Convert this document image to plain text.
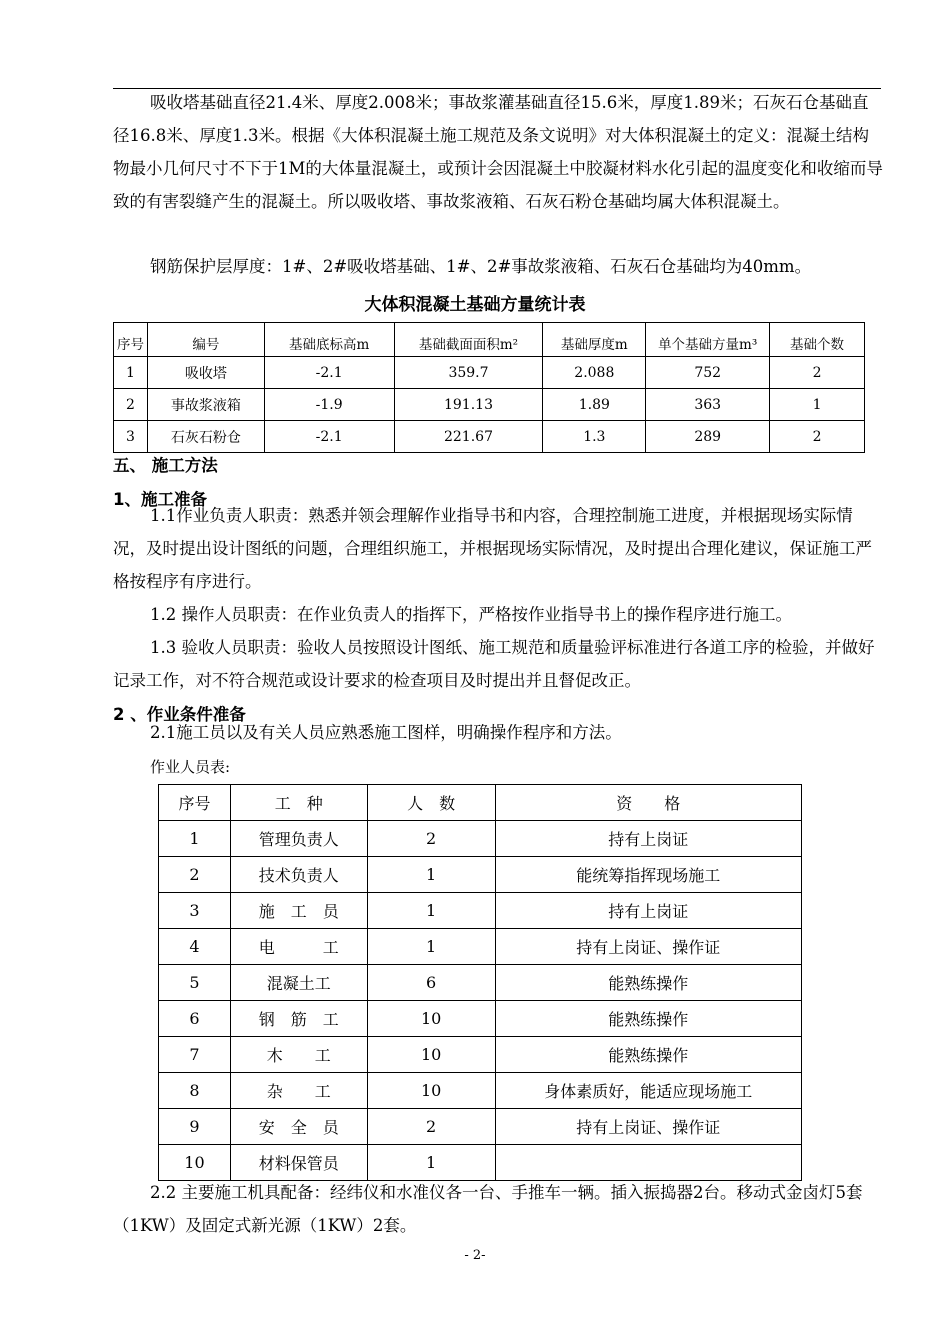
吸收塔基础直径21.4米、厚度2.008米；事故浆灌基础直径15.6米，厚度1.89米；石灰石仓基础直径16.8米、厚度1.3米。根据《大体积混凝土施工规范及条文说明》对大体积混凝土的定义：混凝土结构物最小几何尺寸不下于1M的大体量混凝土，或预计会因混凝土中胶凝材料水化引起的温度变化和收缩而导致的有害裂缝产生的混凝土。所以吸收塔、事故浆液箱、石灰石粉仓基础均属大体积混凝土。

钢筋保护层厚度：1#、2#吸收塔基础、1#、2#事故浆液箱、石灰石仓基础均为40mm。

大体积混凝土基础方量统计表
序号	编号	基础底标高m	基础截面面积m²	基础厚度m	单个基础方量m³	基础个数
1	吸收塔	-2.1	359.7	2.088	752	2
2	事故浆液箱	-1.9	191.13	1.89	363	1
3	石灰石粉仓	-2.1	221.67	1.3	289	2
五、 施工方法
1、施工准备

1.1作业负责人职责：熟悉并领会理解作业指导书和内容，合理控制施工进度，并根据现场实际情况，及时提出设计图纸的问题，合理组织施工，并根据现场实际情况，及时提出合理化建议，保证施工严格按程序有序进行。

1.2 操作人员职责：在作业负责人的指挥下，严格按作业指导书上的操作程序进行施工。

1.3 验收人员职责：验收人员按照设计图纸、施工规范和质量验评标准进行各道工序的检验，并做好记录工作，对不符合规范或设计要求的检查项目及时提出并且督促改正。

2 、作业条件准备

2.1施工员以及有关人员应熟悉施工图样，明确操作程序和方法。

作业人员表:
序号	工　种	人　数	资　　格
1	管理负责人	2	持有上岗证
2	技术负责人	1	能统筹指挥现场施工
3	施　工　员	1	持有上岗证
4	电　　　工	1	持有上岗证、操作证
5	混凝土工	6	能熟练操作
6	钢　筋　工	10	能熟练操作
7	木　　工	10	能熟练操作
8	杂　　工	10	身体素质好，能适应现场施工
9	安　全　员	2	持有上岗证、操作证
10	材料保管员	1	

2.2 主要施工机具配备：经纬仪和水准仪各一台、手推车一辆。插入振捣器2台。移动式金卤灯5套（1KW）及固定式新光源（1KW）2套。

- 2-
